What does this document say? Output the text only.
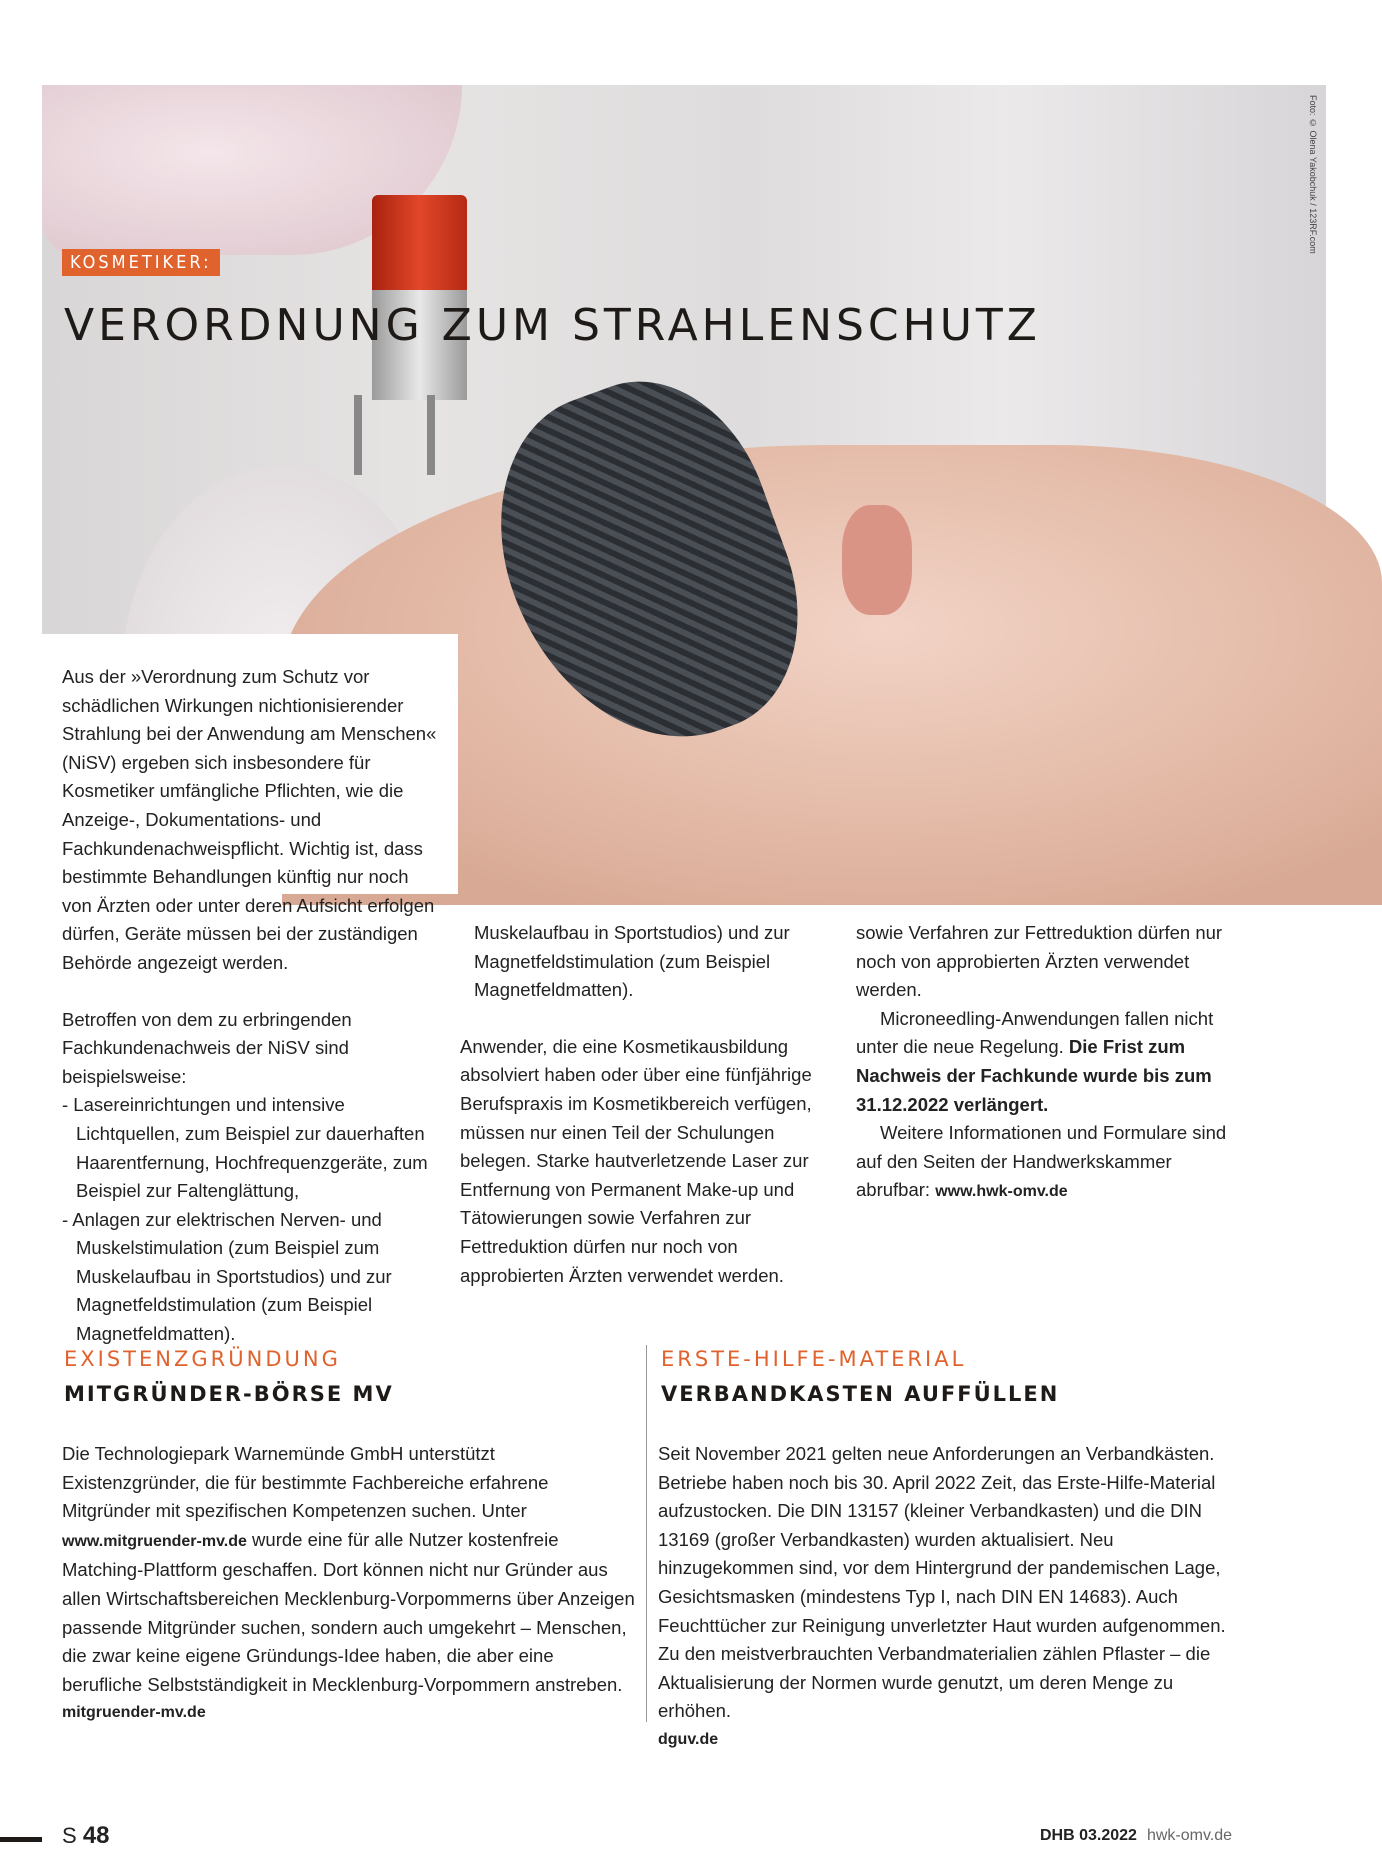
Foto: © Olena Yakobchuk / 123RF.com
KOSMETIKER:
VERORDNUNG ZUM STRAHLENSCHUTZ

Aus der »Verordnung zum Schutz vor schädlichen Wirkungen nichtionisierender Strahlung bei der Anwendung am Menschen« (NiSV) ergeben sich insbesondere für Kosmetiker umfängliche Pflichten, wie die Anzeige-, Dokumentations- und Fachkundenachweispflicht. Wichtig ist, dass bestimmte Behandlungen künftig nur noch von Ärzten oder unter deren Aufsicht erfolgen dürfen, Geräte müssen bei der zuständigen Behörde angezeigt werden.

Betroffen von dem zu erbringenden Fachkundenachweis der NiSV sind beispielsweise:

- Lasereinrichtungen und intensive Lichtquellen, zum Beispiel zur dauerhaften Haarentfernung, Hochfrequenzgeräte, zum Beispiel zur Faltenglättung,
- Anlagen zur elektrischen Nerven- und Muskelstimulation (zum Beispiel zum Muskelaufbau in Sportstudios) und zur Magnetfeldstimulation (zum Beispiel Magnetfeldmatten).

Muskelaufbau in Sportstudios) und zur Magnetfeldstimulation (zum Beispiel Magnetfeldmatten).

Anwender, die eine Kosmetikausbildung absolviert haben oder über eine fünfjährige Berufspraxis im Kosmetikbereich verfügen, müssen nur einen Teil der Schulungen belegen. Starke hautverletzende Laser zur Entfernung von Permanent Make-up und Tätowierungen sowie Verfahren zur Fettreduktion dürfen nur noch von approbierten Ärzten verwendet werden.

sowie Verfahren zur Fettreduktion dürfen nur noch von approbierten Ärzten verwendet werden.

Microneedling-Anwendungen fallen nicht unter die neue Regelung. Die Frist zum Nachweis der Fachkunde wurde bis zum 31.12.2022 verlängert.

Weitere Informationen und Formulare sind auf den Seiten der Handwerkskammer abrufbar: www.hwk-omv.de

EXISTENZGRÜNDUNG
MITGRÜNDER-BÖRSE MV

Die Technologiepark Warnemünde GmbH unterstützt Existenzgründer, die für bestimmte Fachbereiche erfahrene Mitgründer mit spezifischen Kompetenzen suchen. Unter www.mitgruender-mv.de wurde eine für alle Nutzer kostenfreie Matching-Plattform geschaffen. Dort können nicht nur Gründer aus allen Wirtschaftsbereichen Mecklenburg-Vorpommerns über Anzeigen passende Mitgründer suchen, sondern auch umgekehrt – Menschen, die zwar keine eigene Gründungs-Idee haben, die aber eine berufliche Selbstständigkeit in Mecklenburg-Vorpommern anstreben.

mitgruender-mv.de
ERSTE-HILFE-MATERIAL
VERBANDKASTEN AUFFÜLLEN

Seit November 2021 gelten neue Anforderungen an Verbandkästen. Betriebe haben noch bis 30. April 2022 Zeit, das Erste-Hilfe-Material aufzustocken. Die DIN 13157 (kleiner Verbandkasten) und die DIN 13169 (großer Verbandkasten) wurden aktualisiert. Neu hinzugekommen sind, vor dem Hintergrund der pandemischen Lage, Gesichtsmasken (mindestens Typ I, nach DIN EN 14683). Auch Feuchttücher zur Reinigung unverletzter Haut wurden aufgenommen. Zu den meistverbrauchten Verbandmaterialien zählen Pflaster – die Aktualisierung der Normen wurde genutzt, um deren Menge zu erhöhen.

dguv.de
S 48	DHB 03.2022 hwk-omv.de
